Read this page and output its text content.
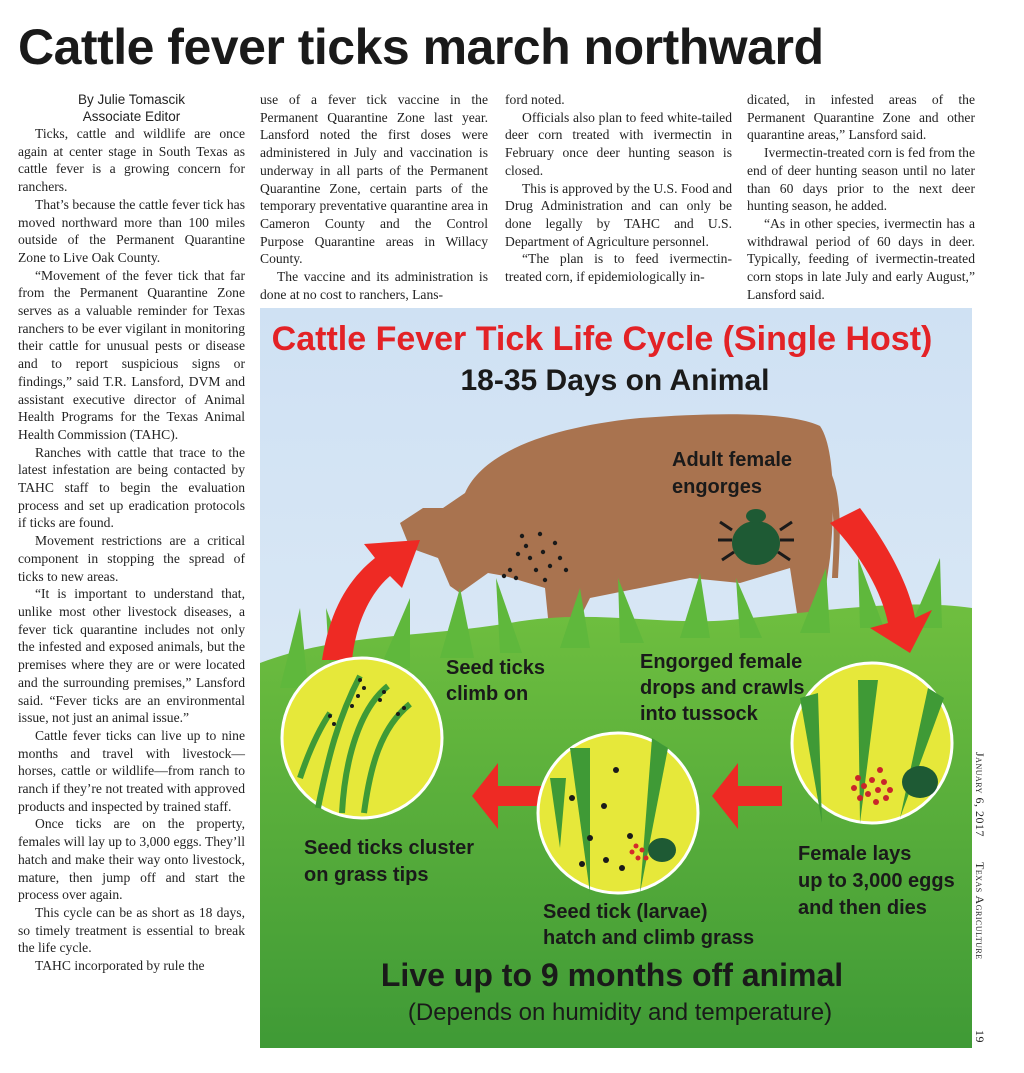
Cattle fever ticks march northward
By Julie Tomascik
Associate Editor

Ticks, cattle and wildlife are once again at center stage in South Texas as cattle fever is a growing concern for ranchers.

That’s because the cattle fever tick has moved northward more than 100 miles outside of the Permanent Quarantine Zone to Live Oak County.

“Movement of the fever tick that far from the Permanent Quarantine Zone serves as a valuable reminder for Texas ranchers to be ever vigilant in monitoring their cattle for unusual pests or disease and to report suspicious signs or findings,” said T.R. Lansford, DVM and assistant executive director of Animal Health Programs for the Texas Animal Health Commission (TAHC).

Ranches with cattle that trace to the latest infestation are being contacted by TAHC staff to begin the evaluation process and set up eradication protocols if ticks are found.

Movement restrictions are a critical component in stopping the spread of ticks to new areas.

“It is important to understand that, unlike most other livestock diseases, a fever tick quarantine includes not only the infested and exposed animals, but the premises where they are or were located and the surrounding premises,” Lansford said. “Fever ticks are an environmental issue, not just an animal issue.”

Cattle fever ticks can live up to nine months and travel with livestock—horses, cattle or wildlife—from ranch to ranch if they’re not treated with approved products and inspected by trained staff.

Once ticks are on the property, females will lay up to 3,000 eggs. They’ll hatch and make their way onto livestock, mature, then jump off and start the process over again.

This cycle can be as short as 18 days, so timely treatment is essential to break the life cycle.

TAHC incorporated by rule the

use of a fever tick vaccine in the Permanent Quarantine Zone last year. Lansford noted the first doses were administered in July and vaccination is underway in all parts of the Permanent Quarantine Zone, certain parts of the temporary preventative quarantine area in Cameron County and the Control Purpose Quarantine areas in Willacy County.

The vaccine and its administration is done at no cost to ranchers, Lans-

ford noted.

Officials also plan to feed white-tailed deer corn treated with ivermectin in February once deer hunting season is closed.

This is approved by the U.S. Food and Drug Administration and can only be done legally by TAHC and U.S. Department of Agriculture personnel.

“The plan is to feed ivermectin-treated corn, if epidemiologically in-

dicated, in infested areas of the Permanent Quarantine Zone and other quarantine areas,” Lansford said.

Ivermectin-treated corn is fed from the end of deer hunting season until no later than 60 days prior to the next deer hunting season, he added.

“As in other species, ivermectin has a withdrawal period of 60 days in deer. Typically, feeding of ivermectin-treated corn stops in late July and early August,” Lansford said.

Cattle Fever Tick Life Cycle (Single Host)
18-35 Days on Animal
Adult female
engorges
Seed ticks
climb on
Engorged female
drops and crawls
into tussock
Seed ticks cluster
on grass tips
Seed tick (larvae)
hatch and climb grass
Female lays
up to 3,000 eggs
and then dies
Live up to 9 months off animal
(Depends on humidity and temperature)
January 6, 2017
Texas Agriculture
19
